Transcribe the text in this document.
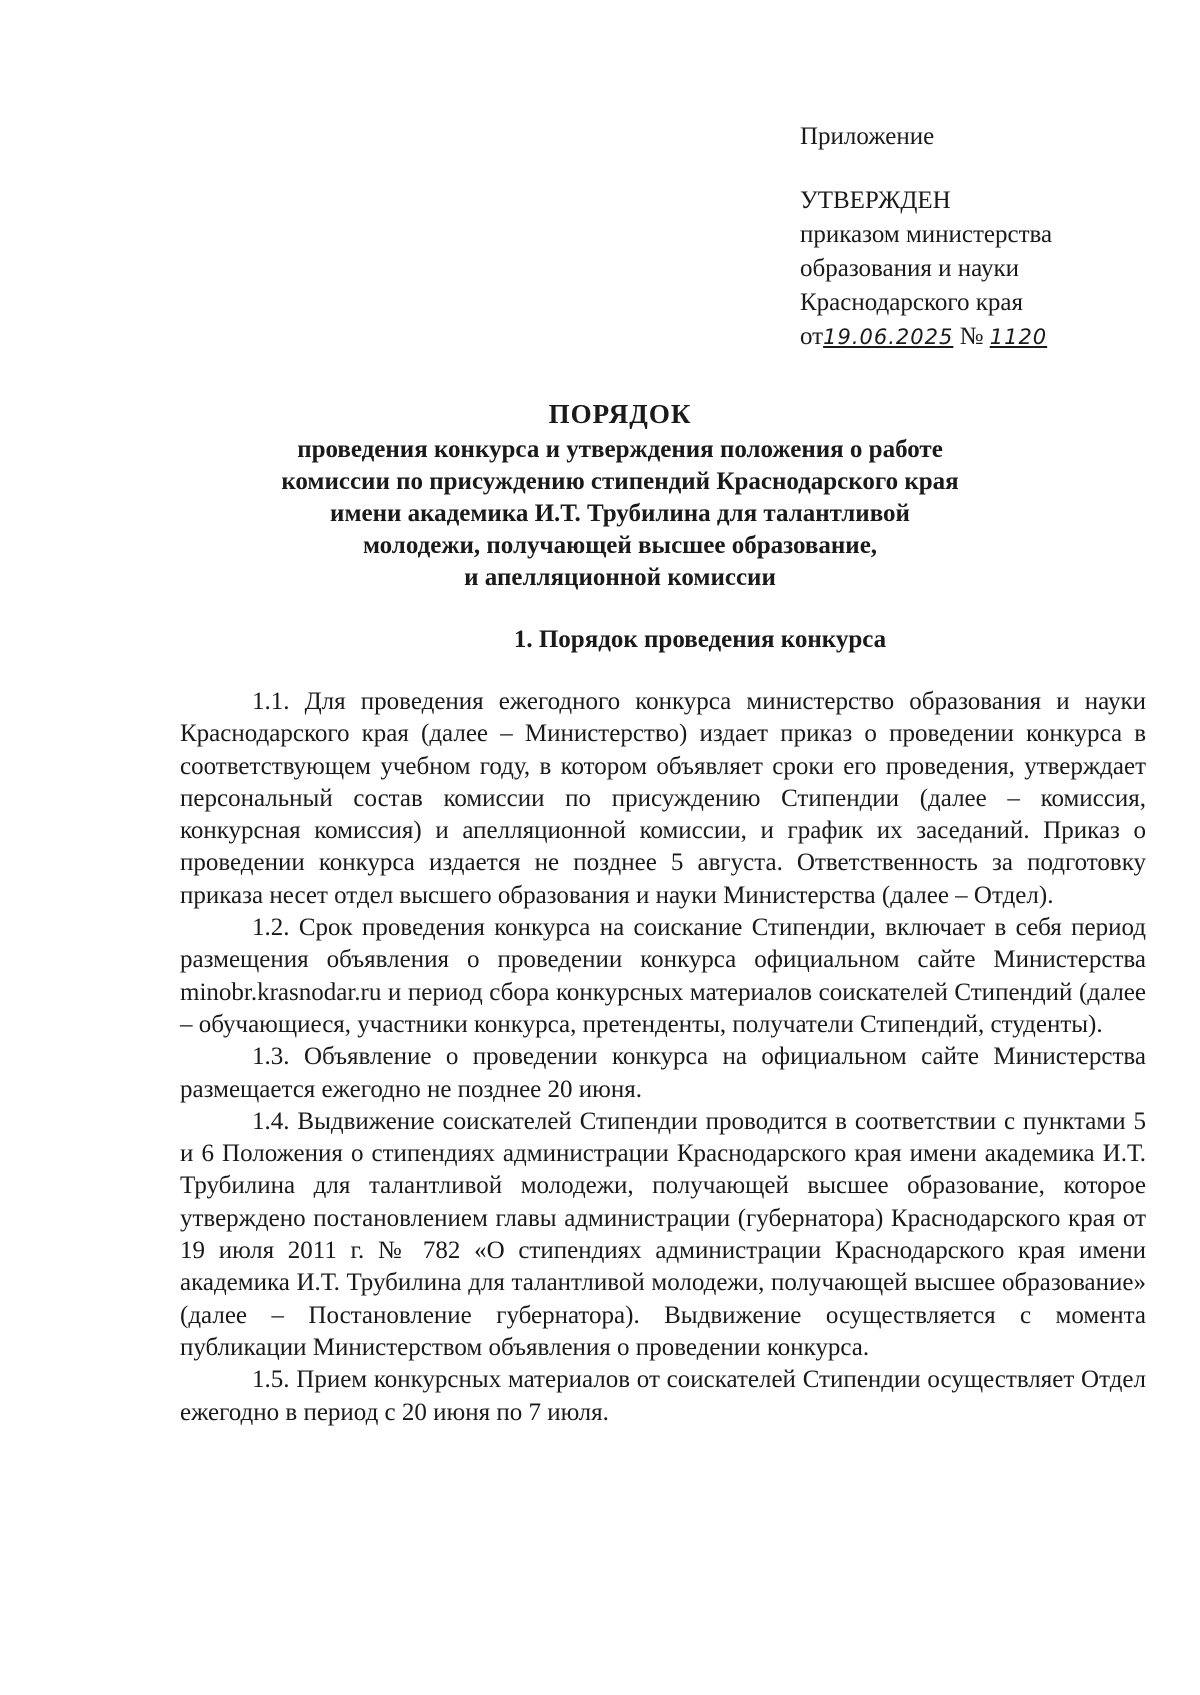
Приложение
УТВЕРЖДЕН
приказом министерства
образования и науки
Краснодарского края
от19.06.2025 № 1120
ПОРЯДОК
проведения конкурса и утверждения положения о работе
комиссии по присуждению стипендий Краснодарского края
имени академика И.Т. Трубилина для талантливой
молодежи, получающей высшее образование,
и апелляционной комиссии
1. Порядок проведения конкурса

1.1. Для проведения ежегодного конкурса министерство образования и науки Краснодарского края (далее – Министерство) издает приказ о проведении конкурса в соответствующем учебном году, в котором объявляет сроки его проведения, утверждает персональный состав комиссии по присуждению Стипендии (далее – комиссия, конкурсная комиссия) и апелляционной комиссии, и график их заседаний. Приказ о проведении конкурса издается не позднее 5 августа. Ответственность за подготовку приказа несет отдел высшего образования и науки Министерства (далее – Отдел).

1.2. Срок проведения конкурса на соискание Стипендии, включает в себя период размещения объявления о проведении конкурса официальном сайте Министерства minobr.krasnodar.ru и период сбора конкурсных материалов соискателей Стипендий (далее – обучающиеся, участники конкурса, претенденты, получатели Стипендий, студенты).

1.3. Объявление о проведении конкурса на официальном сайте Министерства размещается ежегодно не позднее 20 июня.

1.4. Выдвижение соискателей Стипендии проводится в соответствии с пунктами 5 и 6 Положения о стипендиях администрации Краснодарского края имени академика И.Т. Трубилина для талантливой молодежи, получающей высшее образование, которое утверждено постановлением главы администрации (губернатора) Краснодарского края от 19 июля 2011 г. № 782 «О стипендиях администрации Краснодарского края имени академика И.Т. Трубилина для талантливой молодежи, получающей высшее образование» (далее – Постановление губернатора). Выдвижение осуществляется с момента публикации Министерством объявления о проведении конкурса.

1.5. Прием конкурсных материалов от соискателей Стипендии осуществляет Отдел ежегодно в период с 20 июня по 7 июля.
